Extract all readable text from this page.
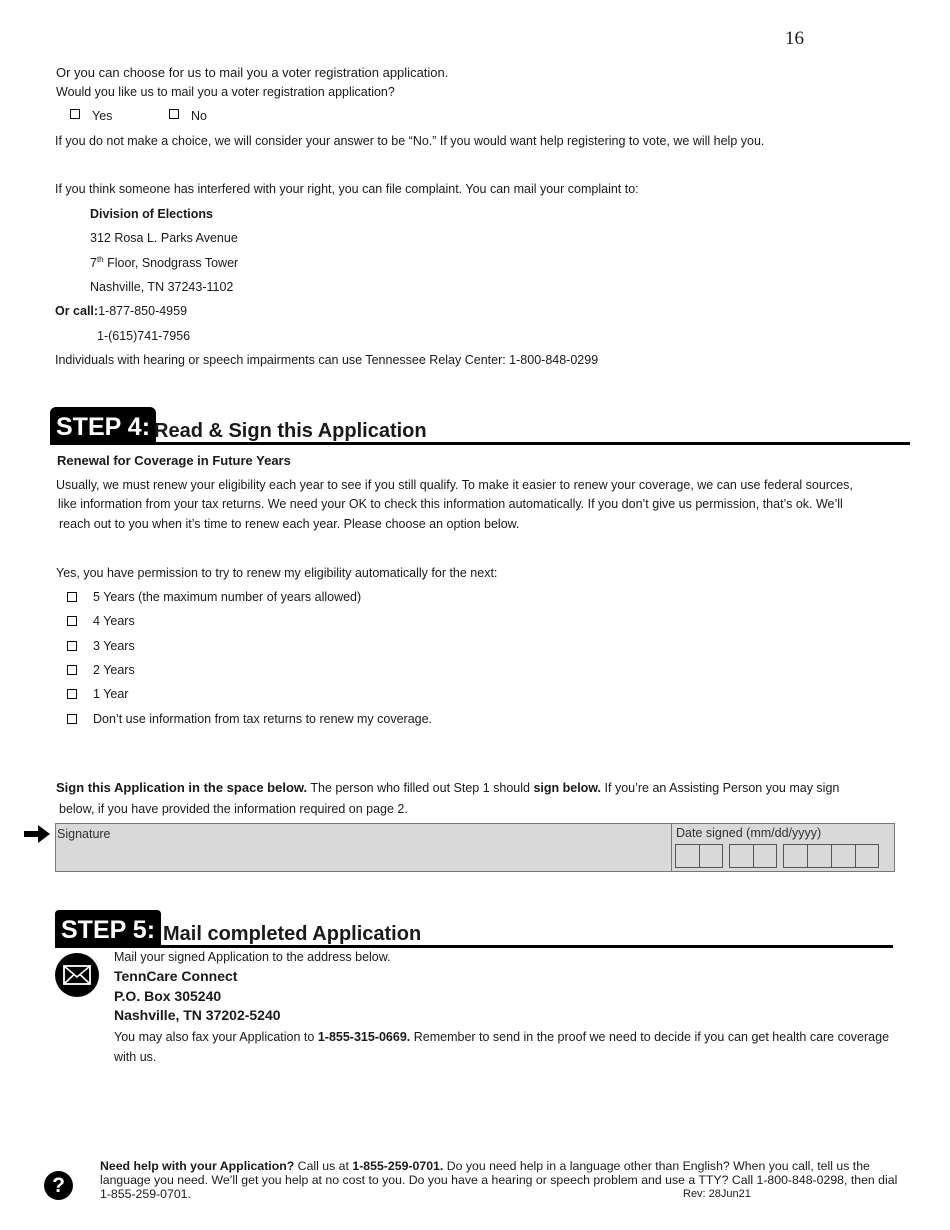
16
Or you can choose for us to mail you a voter registration application.
Would you like us to mail you a voter registration application?
Yes	No
If you do not make a choice, we will consider your answer to be “No.” If you would want help registering to vote, we will help you.
If you think someone has interfered with your right, you can file complaint. You can mail your complaint to:
Division of Elections
312 Rosa L. Parks Avenue
7th Floor, Snodgrass Tower
Nashville, TN 37243-1102
Or call:1-877-850-4959
1-(615)741-7956
Individuals with hearing or speech impairments can use Tennessee Relay Center: 1-800-848-0299
STEP 4: Read & Sign this Application
Renewal for Coverage in Future Years
Usually, we must renew your eligibility each year to see if you still qualify. To make it easier to renew your coverage, we can use federal sources,
like information from your tax returns. We need your OK to check this information automatically. If you don’t give us permission, that’s ok. We’ll
reach out to you when it’s time to renew each year. Please choose an option below.
Yes, you have permission to try to renew my eligibility automatically for the next:
5 Years (the maximum number of years allowed)
4 Years
3 Years
2 Years
1 Year
Don’t use information from tax returns to renew my coverage.
Sign this Application in the space below. The person who filled out Step 1 should sign below. If you’re an Assisting Person you may sign
below, if you have provided the information required on page 2.
Signature	Date signed (mm/dd/yyyy)
STEP 5: Mail completed Application
Mail your signed Application to the address below.
TennCare Connect
P.O. Box 305240
Nashville, TN 37202-5240
You may also fax your Application to 1-855-315-0669. Remember to send in the proof we need to decide if you can get health care coverage
with us.
?
Need help with your Application? Call us at 1-855-259-0701. Do you need help in a language other than English? When you call, tell us the language you need. We’ll get you help at no cost to you. Do you have a hearing or speech problem and use a TTY? Call 1-800-848-0298, then dial 1-855-259-0701.	Rev: 28Jun21
